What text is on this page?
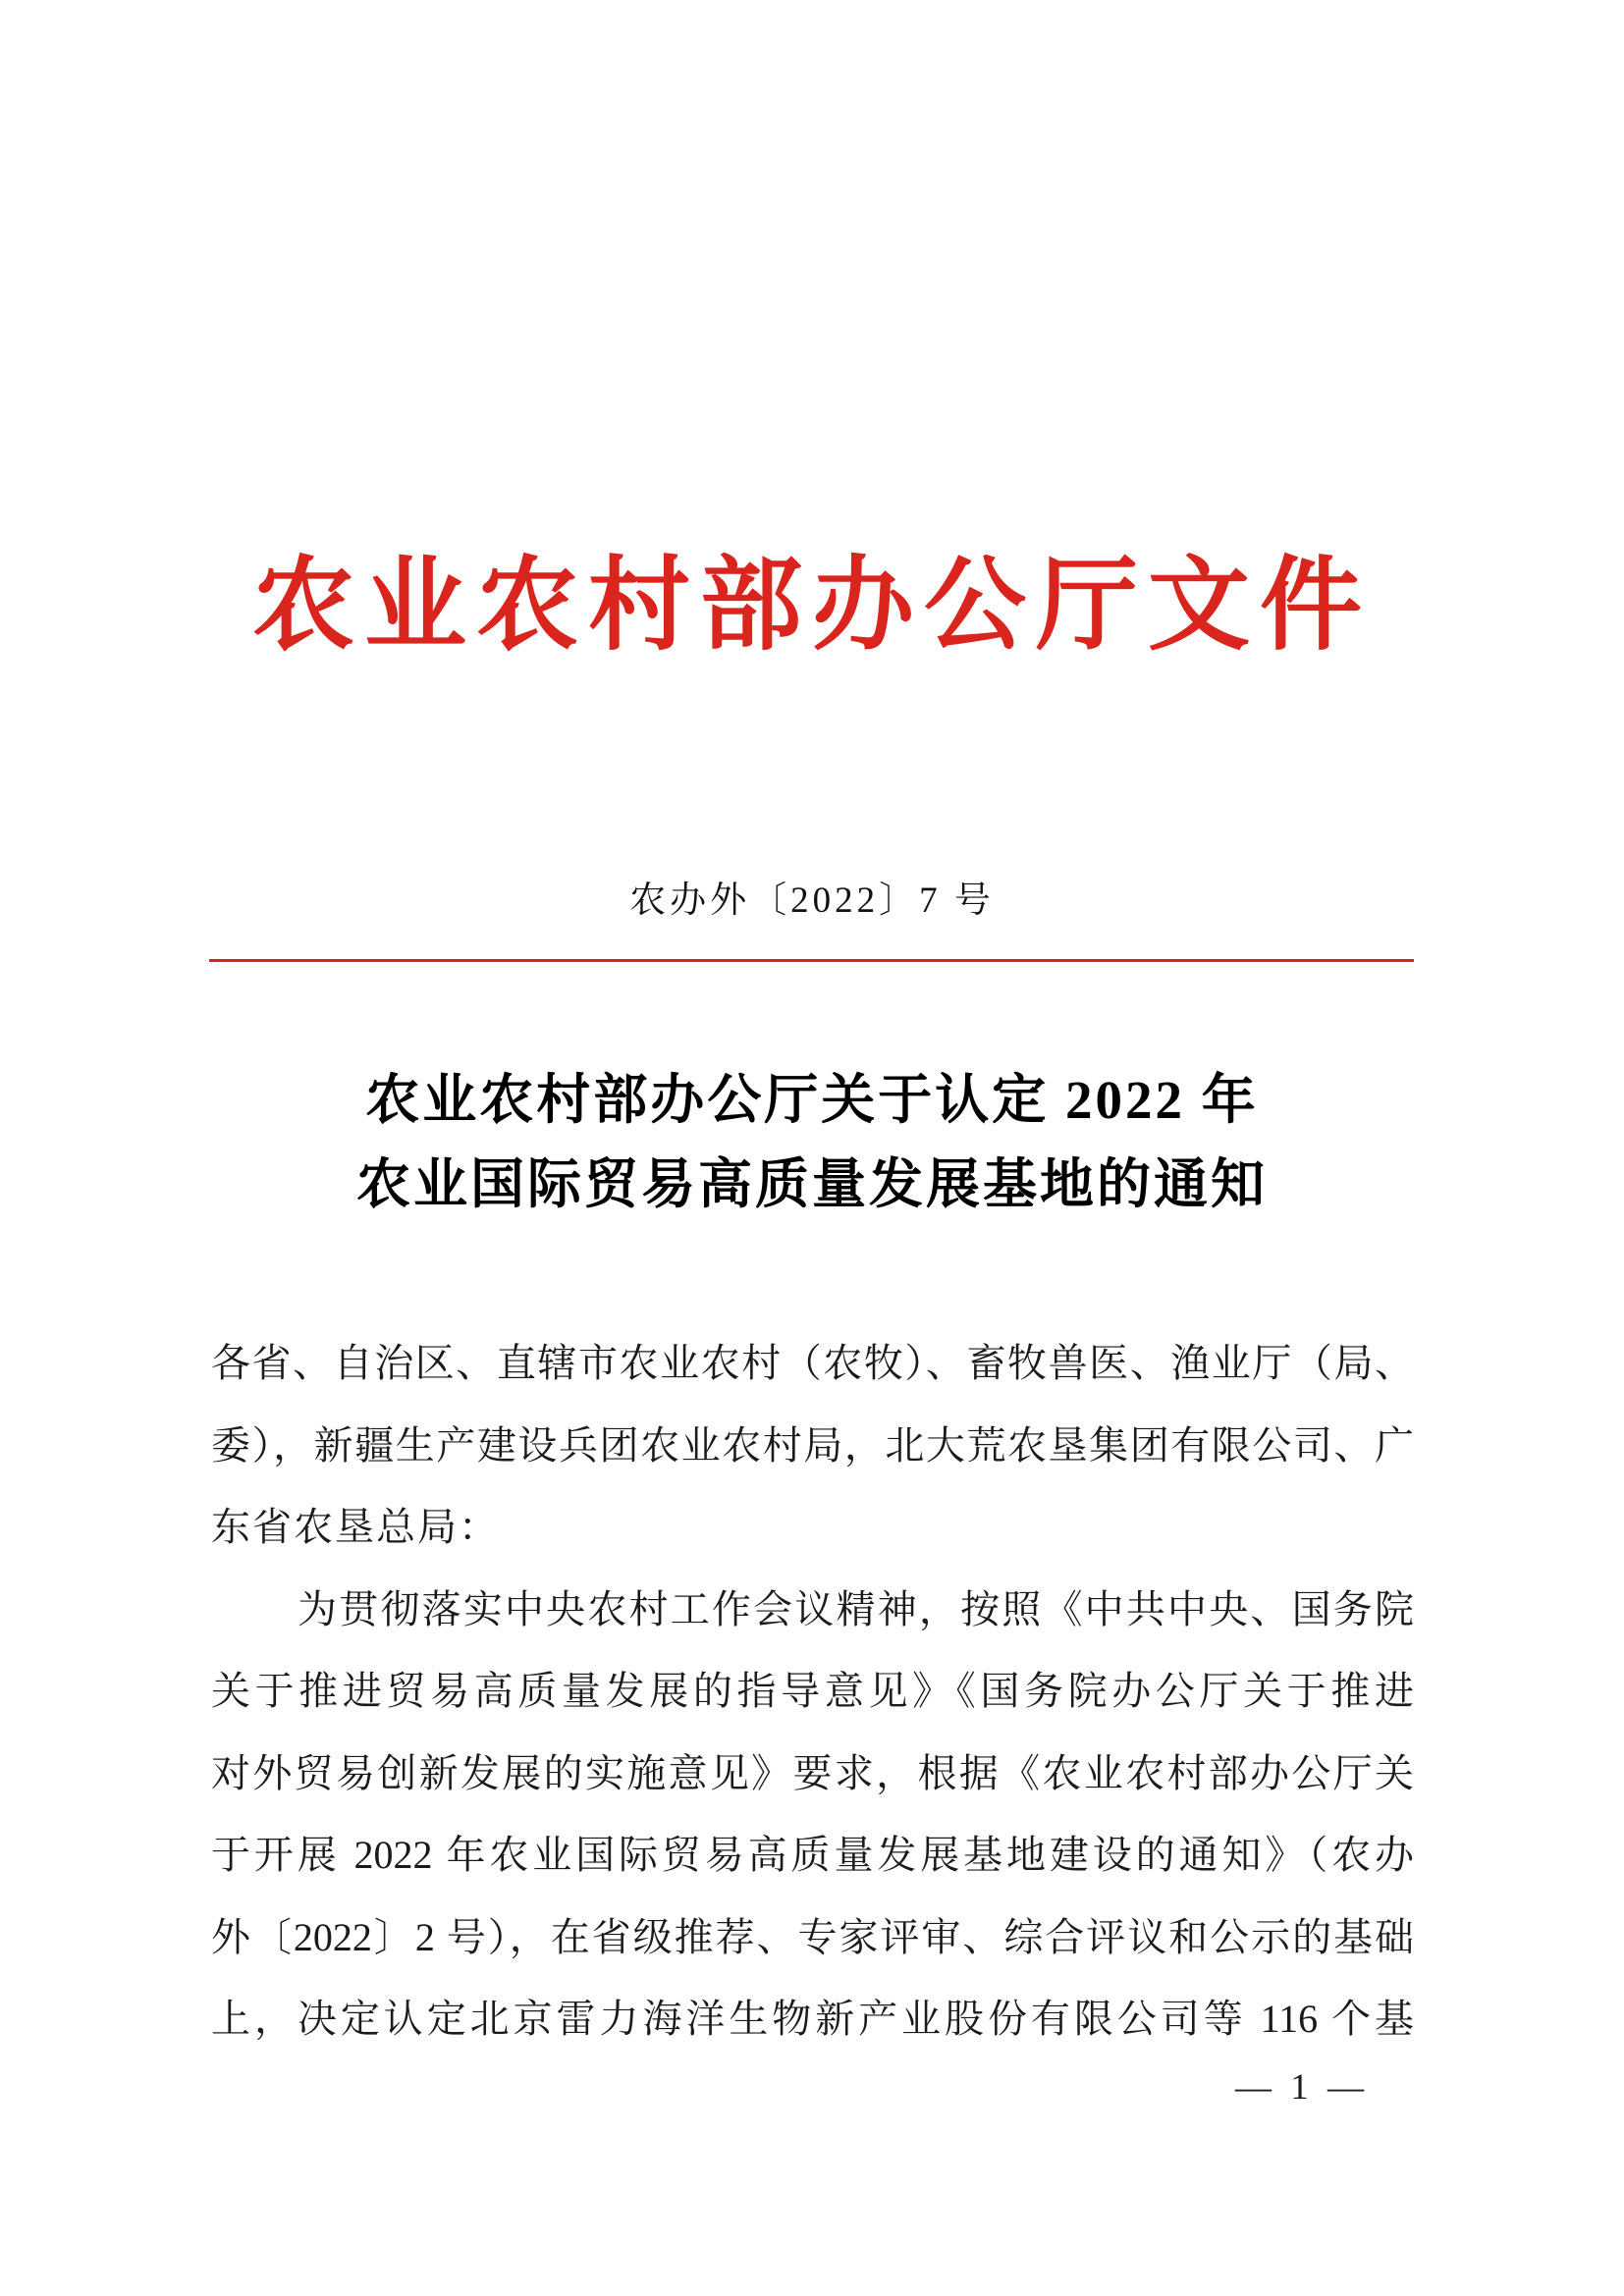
农业农村部办公厅文件
农办外〔2022〕7 号
农业农村部办公厅关于认定 2022 年
农业国际贸易高质量发展基地的通知
各省、自治区、直辖市农业农村（农牧）、畜牧兽医、渔业厅（局、
委），新疆生产建设兵团农业农村局，北大荒农垦集团有限公司、广
东省农垦总局：
为贯彻落实中央农村工作会议精神，按照《中共中央、国务院
关于推进贸易高质量发展的指导意见》《国务院办公厅关于推进
对外贸易创新发展的实施意见》要求，根据《农业农村部办公厅关
于开展 2022 年农业国际贸易高质量发展基地建设的通知》（农办
外〔2022〕2 号），在省级推荐、专家评审、综合评议和公示的基础
上，决定认定北京雷力海洋生物新产业股份有限公司等 116 个基
— 1 —
